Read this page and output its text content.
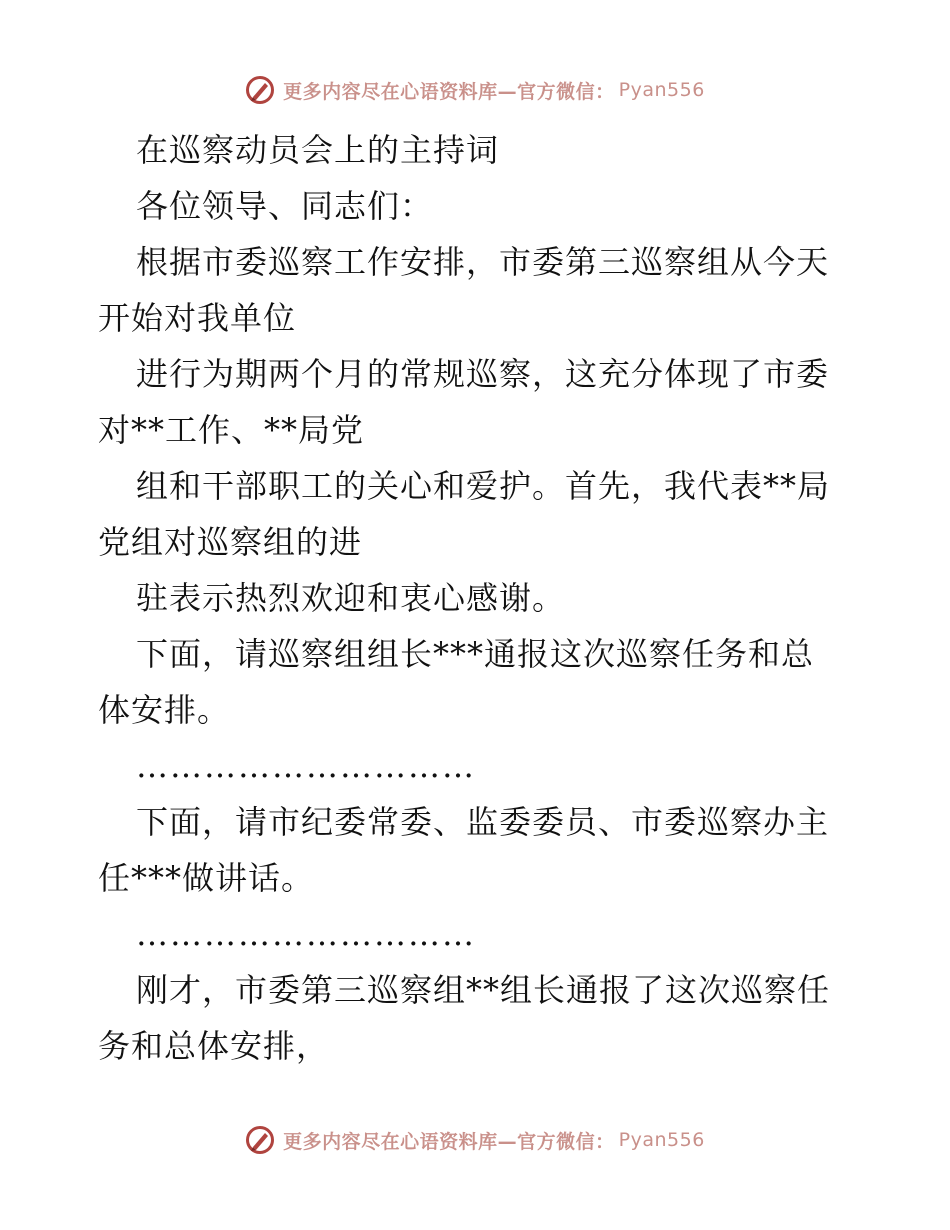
更多内容尽在心语资料库—官方微信： Pyan556
在巡察动员会上的主持词
各位领导、同志们：
根据市委巡察工作安排，市委第三巡察组从今天
开始对我单位
进行为期两个月的常规巡察，这充分体现了市委
对**工作、**局党
组和干部职工的关心和爱护。首先，我代表**局
党组对巡察组的进
驻表示热烈欢迎和衷心感谢。
下面，请巡察组组长***通报这次巡察任务和总
体安排。
…………………………
下面，请市纪委常委、监委委员、市委巡察办主
任***做讲话。
…………………………
刚才，市委第三巡察组**组长通报了这次巡察任
务和总体安排，
更多内容尽在心语资料库—官方微信： Pyan556
